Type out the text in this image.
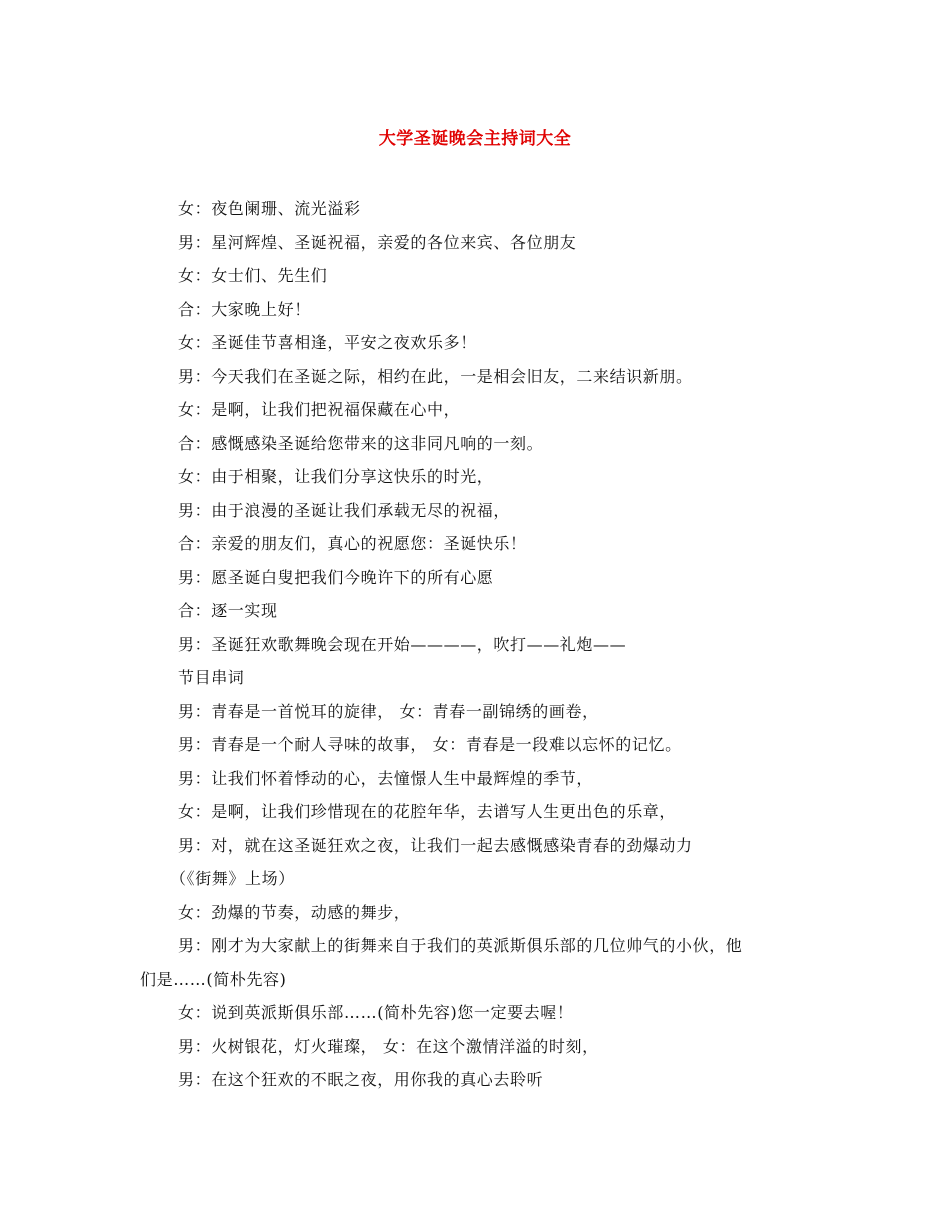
大学圣诞晚会主持词大全
女：夜色阑珊、流光溢彩
男：星河辉煌、圣诞祝福，亲爱的各位来宾、各位朋友
女：女士们、先生们
合：大家晚上好！
女：圣诞佳节喜相逢，平安之夜欢乐多！
男：今天我们在圣诞之际，相约在此，一是相会旧友，二来结识新朋。
女：是啊，让我们把祝福保藏在心中，
合：感慨感染圣诞给您带来的这非同凡响的一刻。
女：由于相聚，让我们分享这快乐的时光，
男：由于浪漫的圣诞让我们承载无尽的祝福，
合：亲爱的朋友们，真心的祝愿您：圣诞快乐！
男：愿圣诞白叟把我们今晚许下的所有心愿
合：逐一实现
男：圣诞狂欢歌舞晚会现在开始————，吹打——礼炮——
节目串词
男：青春是一首悦耳的旋律， 女：青春一副锦绣的画卷，
男：青春是一个耐人寻味的故事， 女：青春是一段难以忘怀的记忆。
男：让我们怀着悸动的心，去憧憬人生中最辉煌的季节，
女：是啊，让我们珍惜现在的花腔年华，去谱写人生更出色的乐章，
男：对，就在这圣诞狂欢之夜，让我们一起去感慨感染青春的劲爆动力
（《街舞》上场）
女：劲爆的节奏，动感的舞步，
男：刚才为大家献上的街舞来自于我们的英派斯俱乐部的几位帅气的小伙，他
们是……(简朴先容)
女：说到英派斯俱乐部……(简朴先容)您一定要去喔！
男：火树银花，灯火璀璨， 女：在这个激情洋溢的时刻，
男：在这个狂欢的不眠之夜，用你我的真心去聆听
